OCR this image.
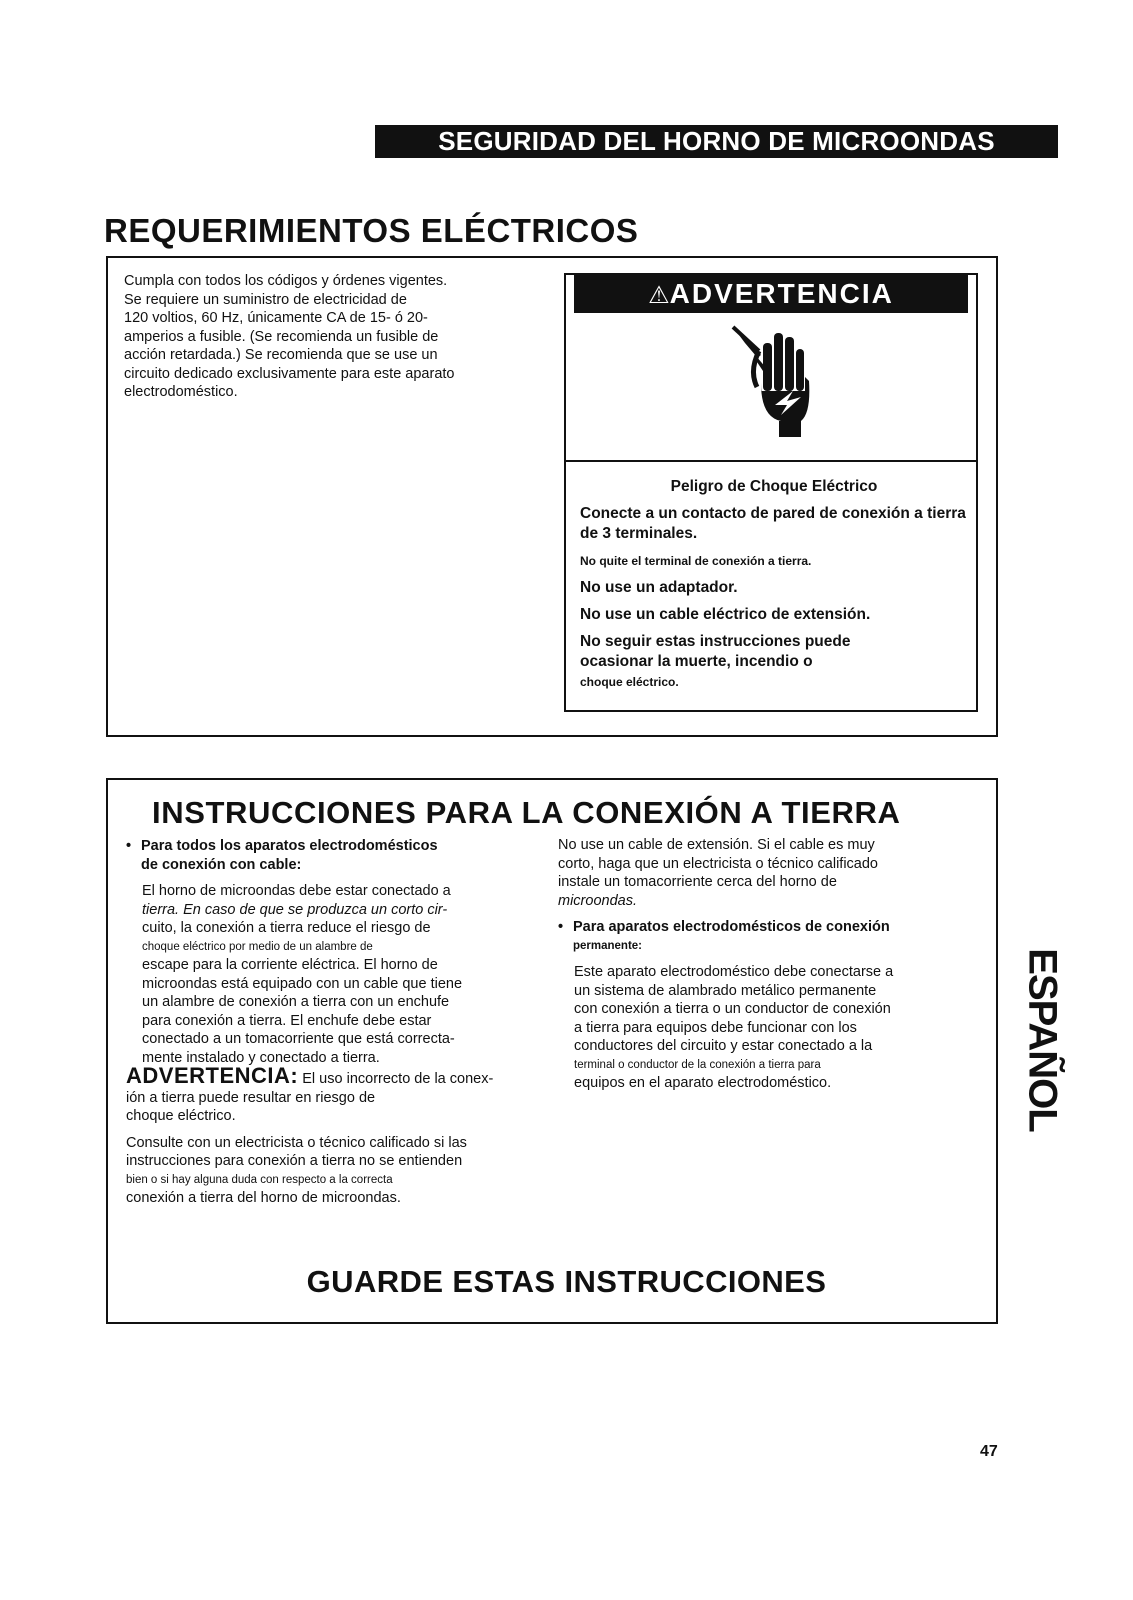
SEGURIDAD DEL HORNO DE MICROONDAS
REQUERIMIENTOS ELÉCTRICOS
Cumpla con todos los códigos y órdenes vigentes.
Se requiere un suministro de electricidad de
120 voltios, 60 Hz, únicamente CA de 15- ó 20-
amperios a fusible. (Se recomienda un fusible de
acción retardada.) Se recomienda que se use un
circuito dedicado exclusivamente para este aparato
electrodoméstico.
⚠ADVERTENCIA

Peligro de Choque Eléctrico

Conecte a un contacto de pared de conexión a tierra de 3 terminales.

No quite el terminal de conexión a tierra.

No use un adaptador.

No use un cable eléctrico de extensión.

No seguir estas instrucciones puede
ocasionar la muerte, incendio o
choque eléctrico.
INSTRUCCIONES PARA LA CONEXIÓN A TIERRA
• Para todos los aparatos electrodomésticos
de conexión con cable:

El horno de microondas debe estar conectado a

tierra. En caso de que se produzca un corto cir-

cuito, la conexión a tierra reduce el riesgo de

choque eléctrico por medio de un alambre de

escape para la corriente eléctrica. El horno de

microondas está equipado con un cable que tiene

un alambre de conexión a tierra con un enchufe

para conexión a tierra. El enchufe debe estar

conectado a un tomacorriente que está correcta-

mente instalado y conectado a tierra.

ADVERTENCIA: El uso incorrecto de la conex-

ión a tierra puede resultar en riesgo de

choque eléctrico.

Consulte con un electricista o técnico calificado si las

instrucciones para conexión a tierra no se entienden

bien o si hay alguna duda con respecto a la correcta

conexión a tierra del horno de microondas.

No use un cable de extensión. Si el cable es muy

corto, haga que un electricista o técnico calificado

instale un tomacorriente cerca del horno de

microondas.

• Para aparatos electrodomésticos de conexión
permanente:

Este aparato electrodoméstico debe conectarse a

un sistema de alambrado metálico permanente

con conexión a tierra o un conductor de conexión

a tierra para equipos debe funcionar con los

conductores del circuito y estar conectado a la

terminal o conductor de la conexión a tierra para

equipos en el aparato electrodoméstico.

GUARDE ESTAS INSTRUCCIONES
ESPAÑOL
47
